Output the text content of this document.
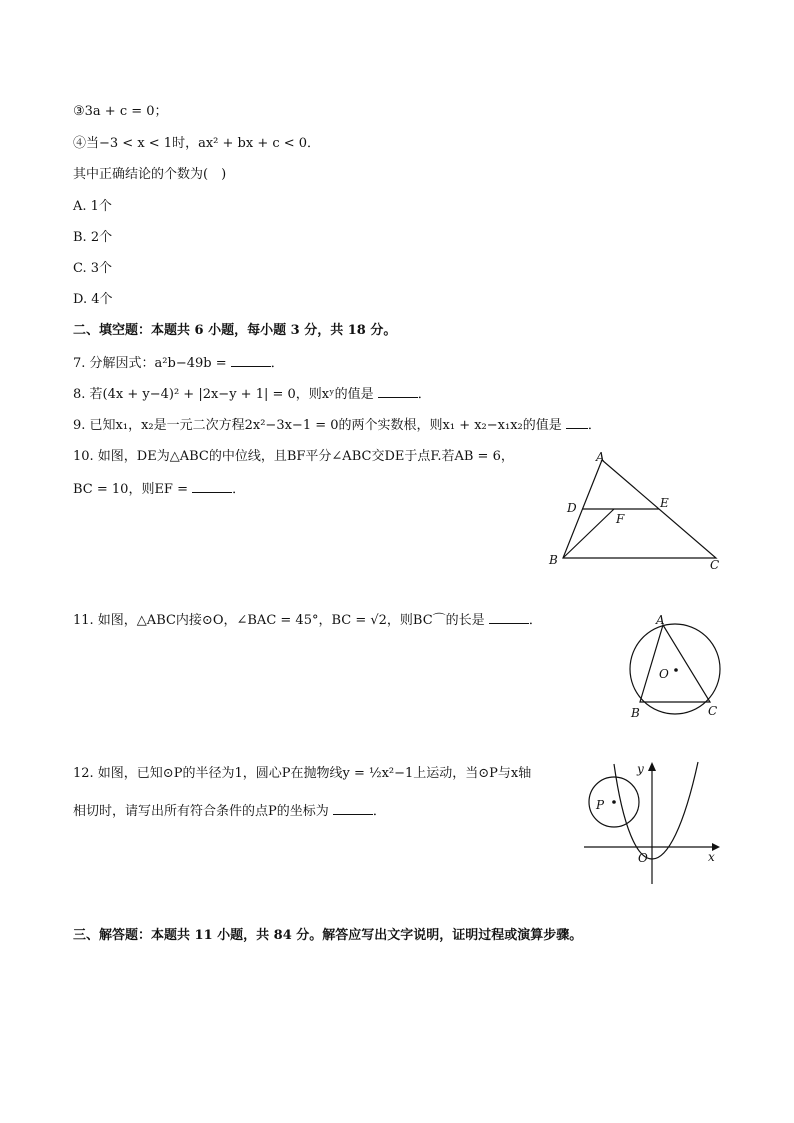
③3a + c = 0；
④当−3 < x < 1时，ax² + bx + c < 0．
其中正确结论的个数为(　)
A. 1个
B. 2个
C. 3个
D. 4个
二、填空题：本题共 6 小题，每小题 3 分，共 18 分。
7. 分解因式：a²b−49b =	．
8. 若(4x + y−4)² + |2x−y + 1| = 0，则xʸ的值是	．
9. 已知x₁，x₂是一元二次方程2x²−3x−1 = 0的两个实数根，则x₁ + x₂−x₁x₂的值是 ．
10. 如图，DE为△ABC的中位线，且BF平分∠ABC交DE于点F.若AB = 6，
BC = 10，则EF =	．
A
B	C
D	E
F
11. 如图，△ABC内接⊙O，∠BAC = 45°，BC = √2，则BC⌒的长是	．	A
B	C
O
12. 如图，已知⊙P的半径为1，圆心P在抛物线y = ½x²−1上运动，当⊙P与x轴
相切时，请写出所有符合条件的点P的坐标为	．	P
O
y
x
三、解答题：本题共 11 小题，共 84 分。解答应写出文字说明，证明过程或演算步骤。
